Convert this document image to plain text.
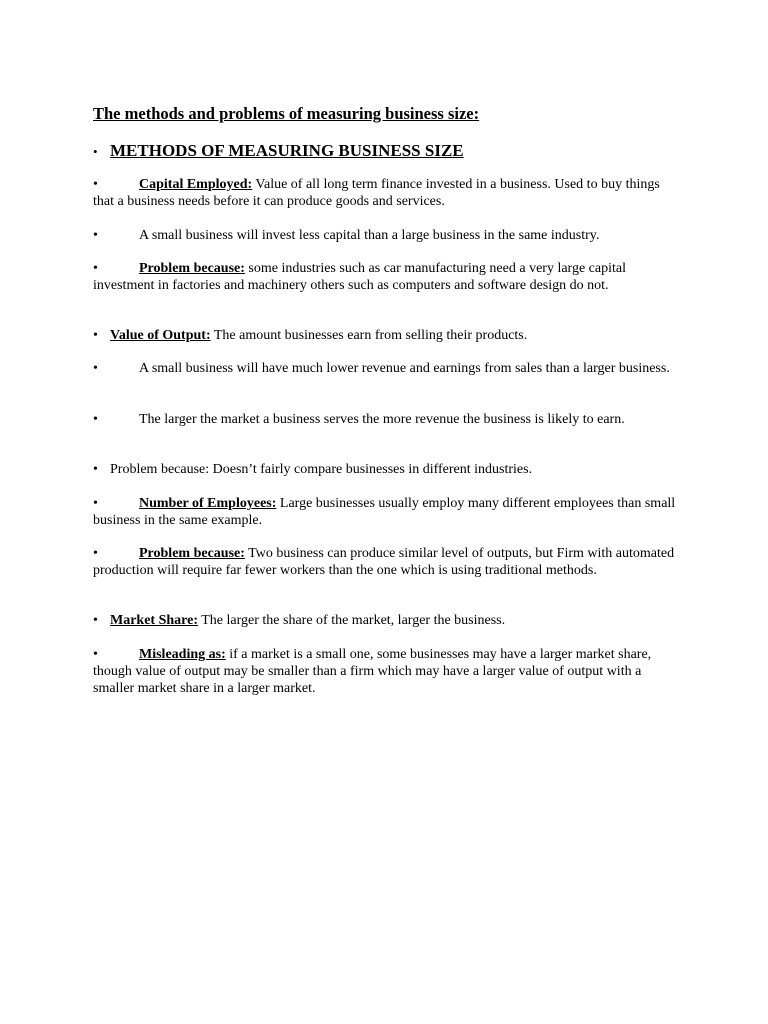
The methods and problems of measuring business size:
• METHODS OF MEASURING BUSINESS SIZE

•	Capital Employed: Value of all long term finance invested in a business. Used to buy things that a business needs before it can produce goods and services.

•	A small business will invest less capital than a large business in the same industry.

•	Problem because: some industries such as car manufacturing need a very large capital investment in factories and machinery others such as computers and software design do not.

• Value of Output: The amount businesses earn from selling their products.

•	A small business will have much lower revenue and earnings from sales than a larger business.

•	The larger the market a business serves the more revenue the business is likely to earn.

• Problem because: Doesn’t fairly compare businesses in different industries.

•	Number of Employees: Large businesses usually employ many different employees than small business in the same example.

•	Problem because: Two business can produce similar level of outputs, but Firm with automated production will require far fewer workers than the one which is using traditional methods.

• Market Share: The larger the share of the market, larger the business.

•	Misleading as: if a market is a small one, some businesses may have a larger market share, though value of output may be smaller than a firm which may have a larger value of output with a smaller market share in a larger market.
